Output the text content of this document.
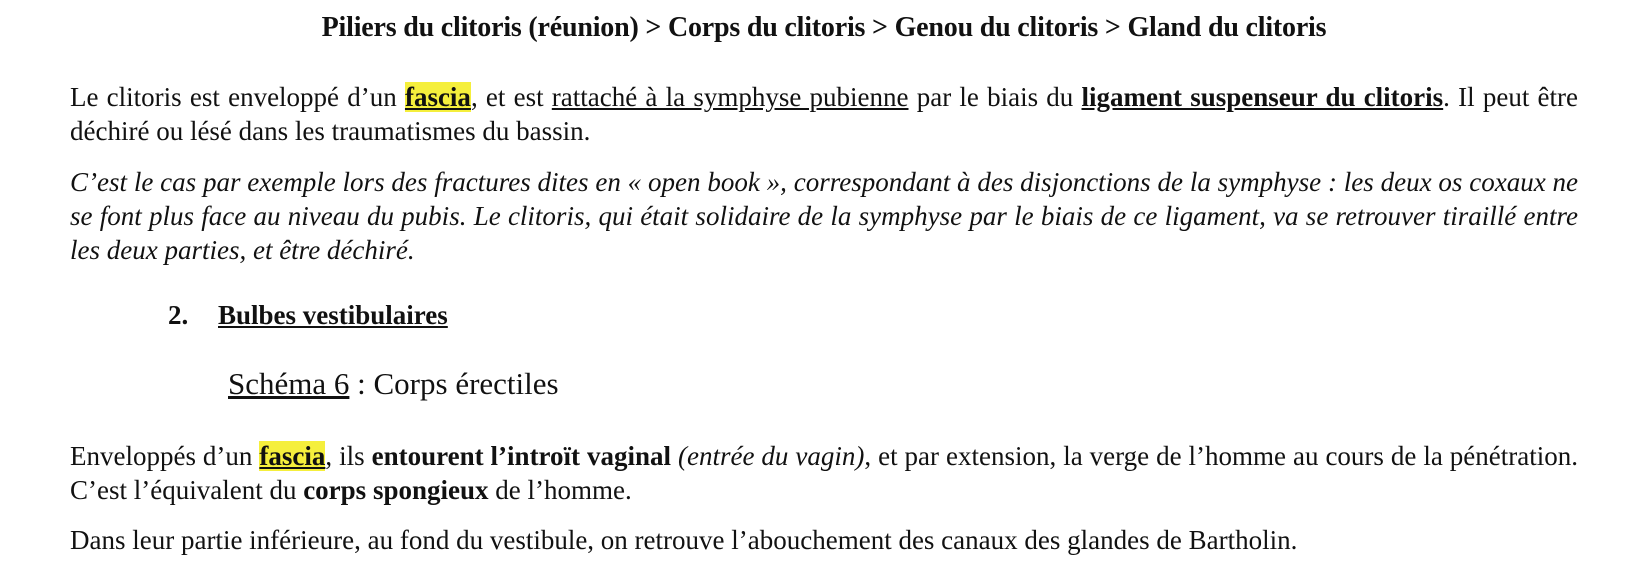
Piliers du clitoris (réunion) > Corps du clitoris > Genou du clitoris > Gland du clitoris
Le clitoris est enveloppé d’un fascia, et est rattaché à la symphyse pubienne par le biais du ligament suspenseur du clitoris. Il peut être déchiré ou lésé dans les traumatismes du bassin.
C’est le cas par exemple lors des fractures dites en « open book », correspondant à des disjonctions de la symphyse : les deux os coxaux ne se font plus face au niveau du pubis. Le clitoris, qui était solidaire de la symphyse par le biais de ce ligament, va se retrouver tiraillé entre les deux parties, et être déchiré.
2. Bulbes vestibulaires
Schéma 6 : Corps érectiles
Enveloppés d’un fascia, ils entourent l’introït vaginal (entrée du vagin), et par extension, la verge de l’homme au cours de la pénétration. C’est l’équivalent du corps spongieux de l’homme.
Dans leur partie inférieure, au fond du vestibule, on retrouve l’abouchement des canaux des glandes de Bartholin.
